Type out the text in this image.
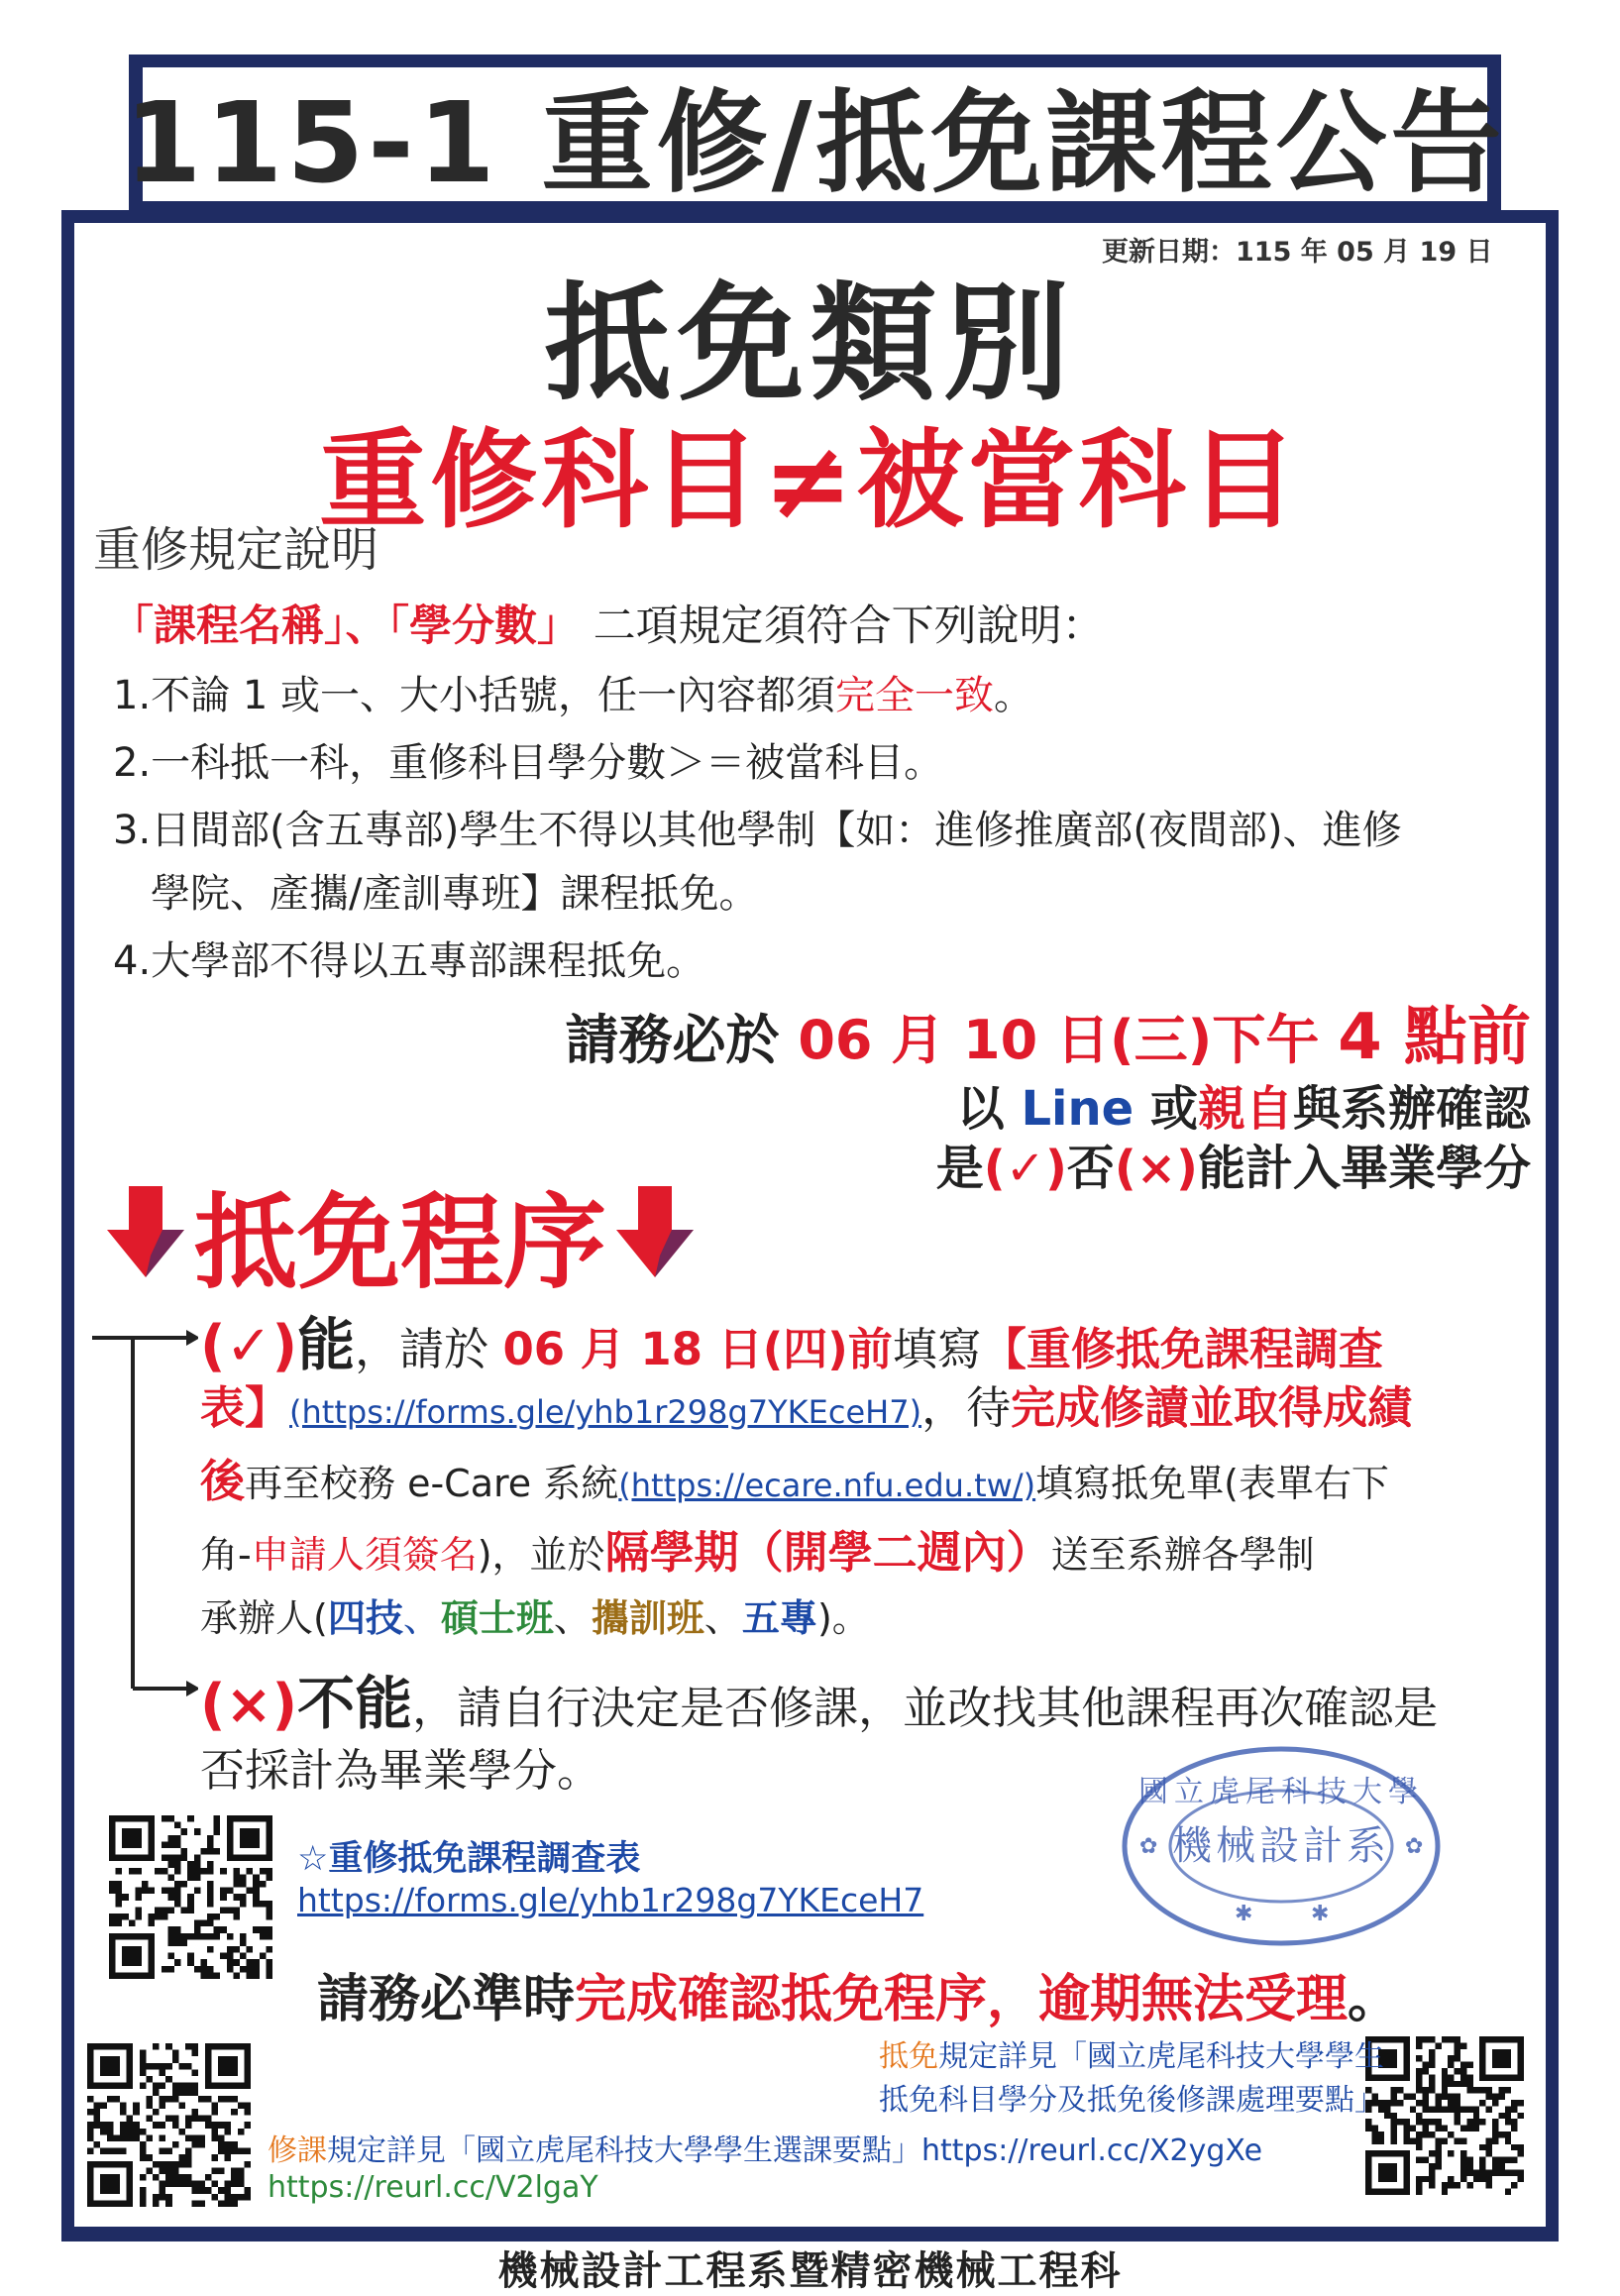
115-1 重修/抵免課程公告
更新日期：115 年 05 月 19 日
抵免類別
重修科目≠被當科目
重修規定說明
「課程名稱」、「學分數」 二項規定須符合下列說明：
1.不論 1 或一、大小括號，任一內容都須完全一致。
2.一科抵一科，重修科目學分數＞＝被當科目。
3.日間部(含五專部)學生不得以其他學制【如：進修推廣部(夜間部)、進修
學院、產攜/產訓專班】課程抵免。
4.大學部不得以五專部課程抵免。
請務必於 06 月 10 日(三)下午 4 點前
以 Line 或親自與系辦確認
是(✓)否(×)能計入畢業學分
抵免程序
(✓)能，請於 06 月 18 日(四)前填寫【重修抵免課程調查
表】(https://forms.gle/yhb1r298g7YKEceH7)，待完成修讀並取得成績
後再至校務 e-Care 系統(https://ecare.nfu.edu.tw/)填寫抵免單(表單右下
角-申請人須簽名)，並於隔學期（開學二週內）送至系辦各學制
承辦人(四技、碩士班、攜訓班、五專)。
(×)不能，請自行決定是否修課，並改找其他課程再次確認是
否採計為畢業學分。
☆重修抵免課程調查表
https://forms.gle/yhb1r298g7YKEceH7
國立虎尾科技大學
機械設計系
✱	✱
✿	✿
請務必準時完成確認抵免程序，逾期無法受理。
抵免規定詳見「國立虎尾科技大學學生
抵免科目學分及抵免後修課處理要點」
修課規定詳見「國立虎尾科技大學學生選課要點」https://reurl.cc/X2ygXe
https://reurl.cc/V2lgaY
機械設計工程系暨精密機械工程科
